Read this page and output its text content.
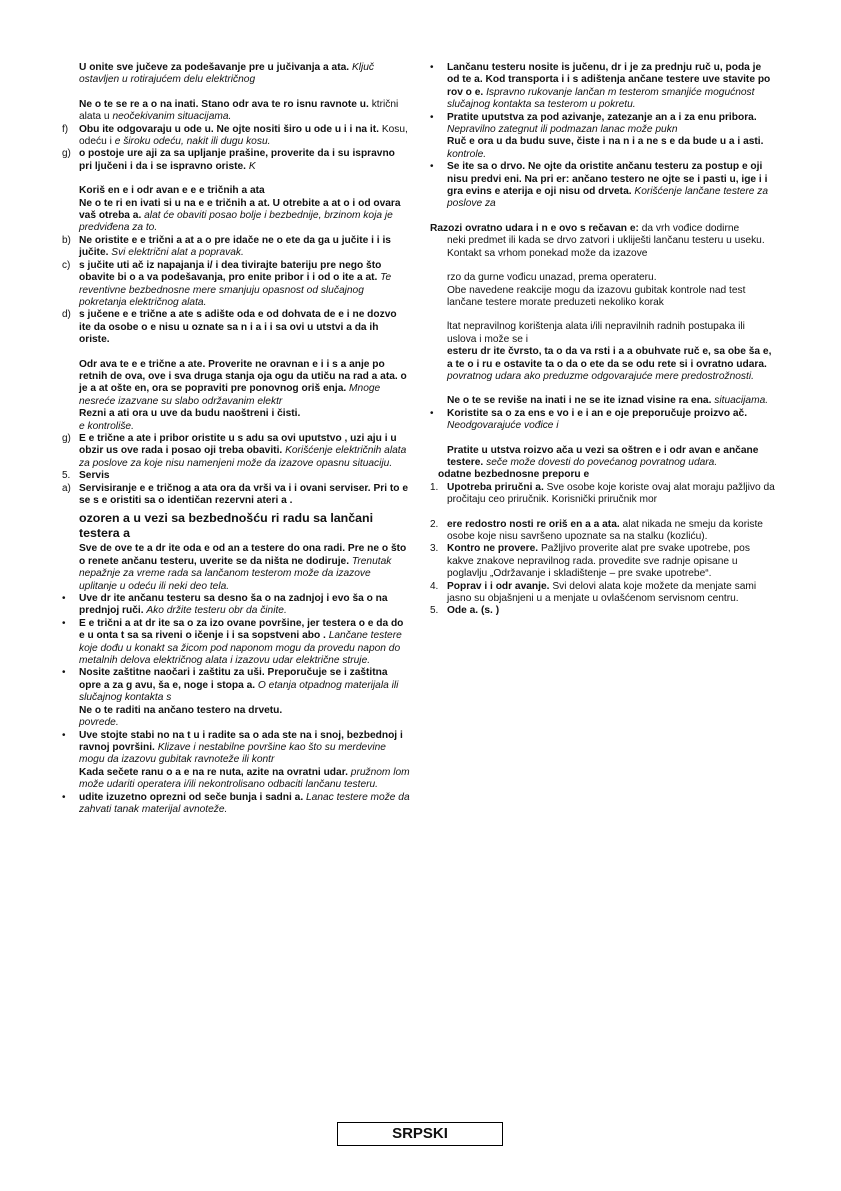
U onite sve jučeve za podešavanje pre u jučivanja a ata. Ključ ostavljen u rotirajućem delu električnog

Ne o te se re a o na inati. Stano odr ava te ro isnu ravnote u. ktrični alata u neočekivanim situacijama.

f) Obu ite odgovaraju u ode u. Ne ojte nositi širo u ode u i i na it. Kosu, odeću i e široku odeću, nakit ili dugu kosu.

g) o postoje ure aji za sa upljanje prašine, proverite da i su ispravno pri ljučeni i da i se ispravno oriste. K

Koriš en e i odr avan e e e tričnih a ata

Ne o te ri en ivati si u na e e tričnih a at. U otrebite a at o i od ovara vaš otreba a. alat će obaviti posao bolje i bezbednije, brzinom koja je predviđena za to.

b) Ne oristite e e trični a at a o pre idače ne o ete da ga u jučite i i is jučite. Svi električni alat a popravak.

c) s jučite uti ač iz napajanja i/ i dea tivirajte bateriju pre nego što obavite bi o a va podešavanja, pro enite pribor i i od o ite a at. Te reventivne bezbednosne mere smanjuju opasnost od slučajnog pokretanja električnog alata.

d) s jučene e e trične a ate s adište oda e od dohvata de e i ne dozvo ite da osobe o e nisu u oznate sa n i a i i sa ovi u utstvi a da ih oriste.

Odr ava te e e trične a ate. Proverite ne oravnan e i i s a anje po retnih de ova, ove i sva druga stanja oja ogu da utiču na rad a ata. o je a at ošte en, ora se popraviti pre ponovnog oriš enja. Mnoge nesreće izazvane su slabo održavanim elektr

Rezni a ati ora u uve da budu naoštreni i čisti.

e kontroliše.

g) E e trične a ate i pribor oristite u s adu sa ovi uputstvo , uzi aju i u obzir us ove rada i posao oji treba obaviti. Korišćenje električnih alata za poslove za koje nisu namenjeni može da izazove opasnu situaciju.

5. Servis

a) Servisiranje e e tričnog a ata ora da vrši va i i ovani serviser. Pri to e se s e oristiti sa o identičan rezervni ateri a .

ozoren a u vezi sa bezbednošću ri radu sa lančani testera a

Sve de ove te a dr ite oda e od an a testere do ona radi. Pre ne o što o renete ančanu testeru, uverite se da ništa ne dodiruje. Trenutak nepažnje za vreme rada sa lančanom testerom može da izazove uplitanje u odeću ili neki deo tela.

• Uve dr ite ančanu testeru sa desno ša o na zadnjoj i evo ša o na prednjoj ruči. Ako držite testeru obr da činite.

• E e trični a at dr ite sa o za izo ovane površine, jer testera o e da do e u onta t sa sa riveni o ičenje i i sa sopstveni abo . Lančane testere koje dođu u konakt sa žicom pod naponom mogu da provedu napon do metalnih delova električnog alata i izazovu udar električne struje.

• Nosite zaštitne naočari i zaštitu za uši. Preporučuje se i zaštitna opre a za g avu, ša e, noge i stopa a. O etanja otpadnog materijala ili slučajnog kontakta s

Ne o te raditi na ančano testero na drvetu.

povrede.

• Uve stojte stabi no na t u i radite sa o ada ste na i snoj, bezbednoj i ravnoj površini. Klizave i nestabilne površine kao što su merdevine mogu da izazovu gubitak ravnoteže ili kontr

Kada sečete ranu o a e na re nuta, azite na ovratni udar. pružnom lom može udariti operatera i/ili nekontrolisano odbaciti lančanu testeru.

• udite izuzetno oprezni od seče bunja i sadni a. Lanac testere može da zahvati tanak materijal avnoteže.

• Lančanu testeru nosite is jučenu, dr i je za prednju ruč u, poda je od te a. Kod transporta i i s adištenja ančane testere uve stavite po rov o e. Ispravno rukovanje lančan m testerom smanjiće mogućnost slučajnog kontakta sa testerom u pokretu.

• Pratite uputstva za pod azivanje, zatezanje an a i za enu pribora. Nepravilno zategnut ili podmazan lanac može pukn

Ruč e ora u da budu suve, čiste i na n i a ne s e da bude u a i asti. kontrole.

• Se ite sa o drvo. Ne ojte da oristite ančanu testeru za postup e oji nisu predvi eni. Na pri er: ančano testero ne ojte se i pasti u, ige i i gra evins e aterija e oji nisu od drveta. Korišćenje lančane testere za poslove za

Razozi ovratno udara i n e ovo s rečavan e: da vrh vođice dodirne

neki predmet ili kada se drvo zatvori i ukliješti lančanu testeru u useku.

Kontakt sa vrhom ponekad može da izazove

rzo da gurne vođicu unazad, prema operateru.

Obe navedene reakcije mogu da izazovu gubitak kontrole nad test

lančane testere morate preduzeti nekoliko korak

ltat nepravilnog korištenja alata i/ili nepravilnih radnih postupaka ili uslova i može se i

esteru dr ite čvrsto, ta o da va rsti i a a obuhvate ruč e, sa obe ša e, a te o i ru e ostavite ta o da o ete da se odu rete si i ovratno udara. povratnog udara ako preduzme odgovarajuće mere predostrožnosti.

Ne o te se reviše na inati i ne se ite iznad visine ra ena. situacijama.

• Koristite sa o za ens e vo i e i an e oje preporučuje proizvo ač. Neodgovarajuće vođice i

Pratite u utstva roizvo ača u vezi sa oštren e i odr avan e ančane testere. seče može dovesti do povećanog povratnog udara.

odatne bezbednosne preporu e

1. Upotreba priručni a. Sve osobe koje koriste ovaj alat moraju pažljivo da pročitaju ceo priručnik. Korisnički priručnik mor

2. ere redostro nosti re oriš en a a ata. alat nikada ne smeju da koriste osobe koje nisu savršeno upoznate sa na stalku (kozliću).

3. Kontro ne provere. Pažljivo proverite alat pre svake upotrebe, pos kakve znakove nepravilnog rada. provedite sve radnje opisane u poglavlju „Održavanje i skladištenje – pre svake upotrebe“.

4. Poprav i i odr avanje. Svi delovi alata koje možete da menjate sami jasno su objašnjeni u a menjate u ovlašćenom servisnom centru.

5. Ode a. (s. )

SRPSKI
